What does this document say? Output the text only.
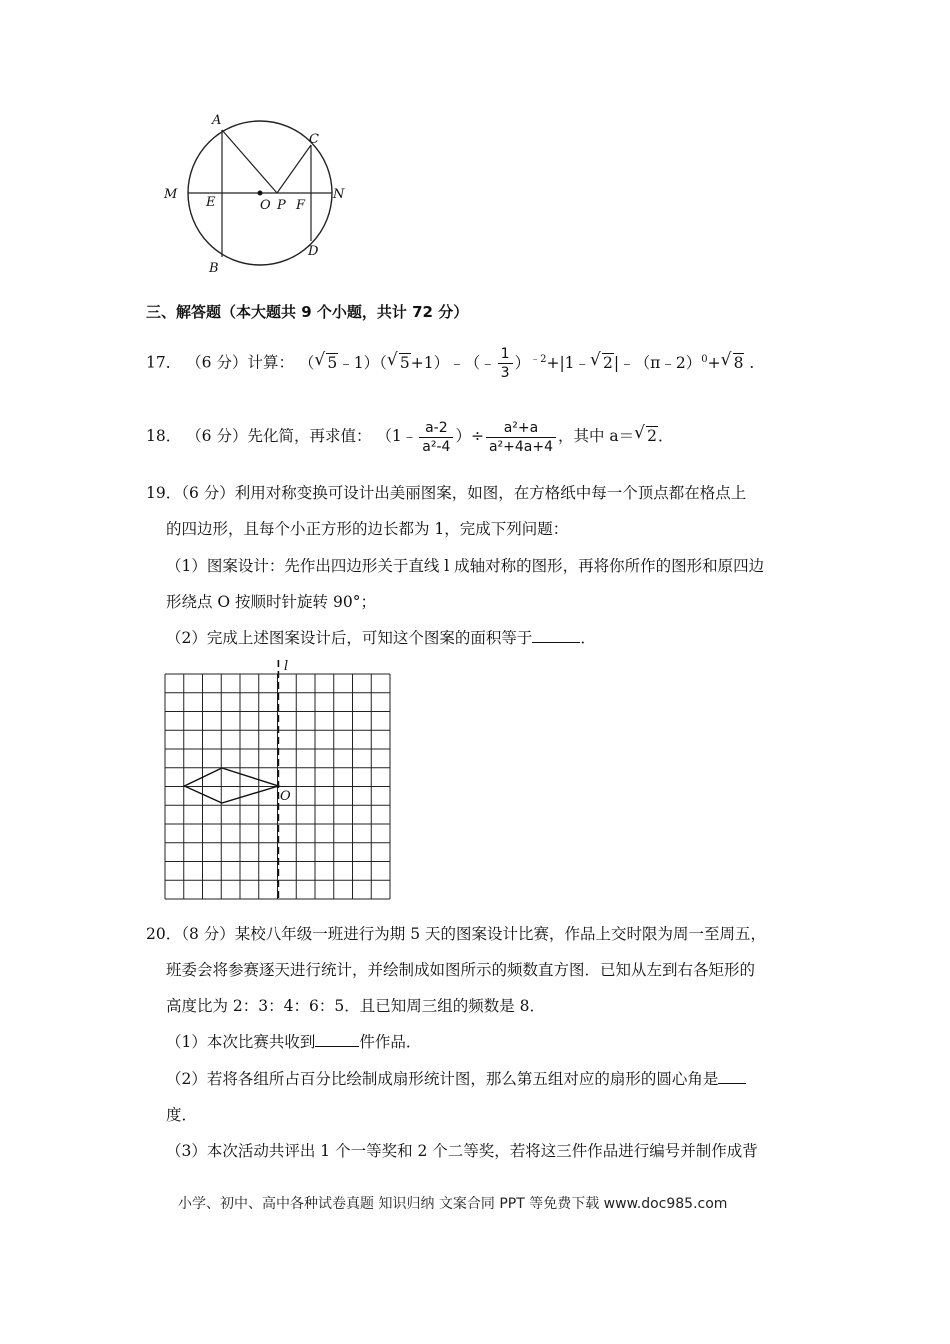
A
B
C
D
M	N
E	O P F
三、解答题（本大题共 9 个小题，共计 72 分）
17． （6 分）计算： （ √ 5﹣1）（ √ 5+1）﹣（﹣ $\frac{1}{3}$ ）$^{﹣2}$+|1﹣ √ 2|﹣（π﹣2）$^0$+ √ 8 ．
18． （6 分）先化简，再求值： （1﹣ $\frac{a-2}{\text{a²-4}}$ ）÷ $\frac{\text{a²+a}}{\text{a²+4a+4}}$ ，其中 a＝ √ 2．
19．（6 分）利用对称变换可设计出美丽图案，如图，在方格纸中每一个顶点都在格点上
的四边形，且每个小正方形的边长都为 1，完成下列问题：
（1）图案设计：先作出四边形关于直线 l 成轴对称的图形，再将你所作的图形和原四边
形绕点 O 按顺时针旋转 90°；
（2）完成上述图案设计后，可知这个图案的面积等于	．
l
O
20．（8 分）某校八年级一班进行为期 5 天的图案设计比赛，作品上交时限为周一至周五，
班委会将参赛逐天进行统计，并绘制成如图所示的频数直方图．已知从左到右各矩形的
高度比为 2：3：4：6：5．且已知周三组的频数是 8．
（1）本次比赛共收到	件作品．
（2）若将各组所占百分比绘制成扇形统计图，那么第五组对应的扇形的圆心角是
度．
（3）本次活动共评出 1 个一等奖和 2 个二等奖，若将这三件作品进行编号并制作成背
小学、初中、高中各种试卷真题 知识归纳 文案合同 PPT 等免费下载 www.doc985.com
